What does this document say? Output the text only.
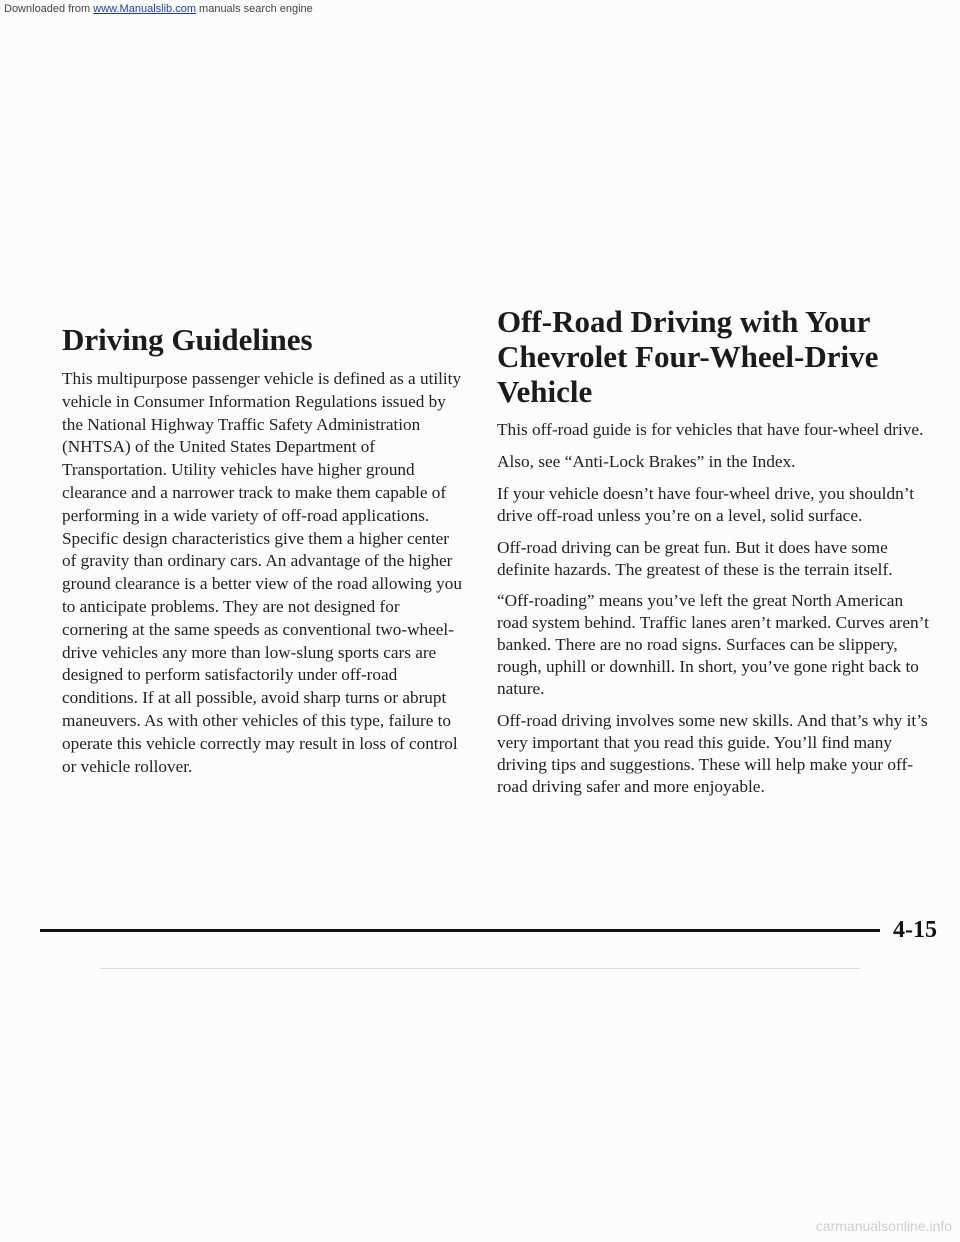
Downloaded from www.Manualslib.com manuals search engine
Driving Guidelines

This multipurpose passenger vehicle is defined as a utility vehicle in Consumer Information Regulations issued by the National Highway Traffic Safety Administration (NHTSA) of the United States Department of Transportation. Utility vehicles have higher ground clearance and a narrower track to make them capable of performing in a wide variety of off-road applications. Specific design characteristics give them a higher center of gravity than ordinary cars. An advantage of the higher ground clearance is a better view of the road allowing you to anticipate problems. They are not designed for cornering at the same speeds as conventional two-wheel-drive vehicles any more than low-slung sports cars are designed to perform satisfactorily under off-road conditions. If at all possible, avoid sharp turns or abrupt maneuvers. As with other vehicles of this type, failure to operate this vehicle correctly may result in loss of control or vehicle rollover.

Off-Road Driving with Your
Chevrolet Four-Wheel-Drive Vehicle

This off-road guide is for vehicles that have four-wheel drive.

Also, see “Anti-Lock Brakes” in the Index.

If your vehicle doesn’t have four-wheel drive, you shouldn’t drive off-road unless you’re on a level, solid surface.

Off-road driving can be great fun. But it does have some definite hazards. The greatest of these is the terrain itself.

“Off-roading” means you’ve left the great North American road system behind. Traffic lanes aren’t marked. Curves aren’t banked. There are no road signs. Surfaces can be slippery, rough, uphill or downhill. In short, you’ve gone right back to nature.

Off-road driving involves some new skills. And that’s why it’s very important that you read this guide. You’ll find many driving tips and suggestions. These will help make your off-road driving safer and more enjoyable.

4-15
carmanualsonline.info
